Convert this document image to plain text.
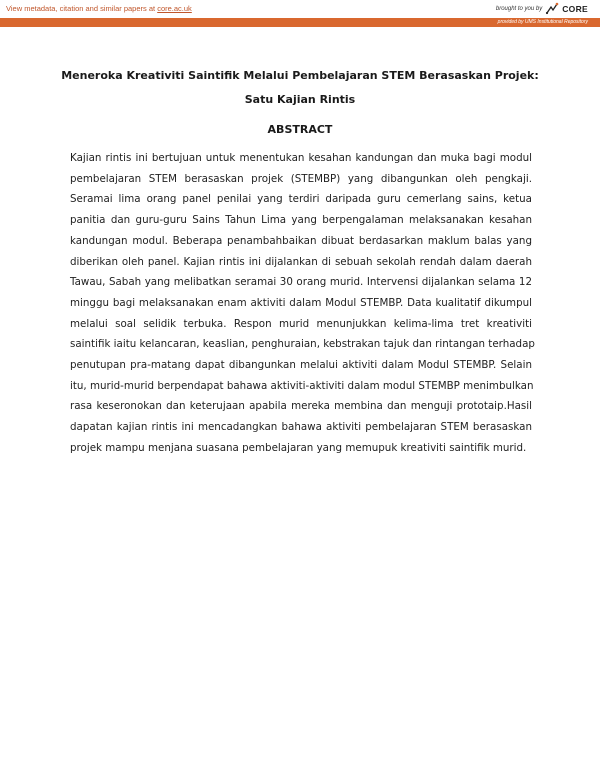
View metadata, citation and similar papers at core.ac.uk	brought to you by CORE
provided by UMS Institutional Repository
Meneroka Kreativiti Saintifik Melalui Pembelajaran STEM Berasaskan Projek:
Satu Kajian Rintis
ABSTRACT
Kajian rintis ini bertujuan untuk menentukan kesahan kandungan dan muka bagi modul
pembelajaran STEM berasaskan projek (STEMBP) yang dibangunkan oleh pengkaji.
Seramai lima orang panel penilai yang terdiri daripada guru cemerlang sains, ketua
panitia dan guru-guru Sains Tahun Lima yang berpengalaman melaksanakan kesahan
kandungan modul. Beberapa penambahbaikan dibuat berdasarkan maklum balas yang
diberikan oleh panel. Kajian rintis ini dijalankan di sebuah sekolah rendah dalam daerah
Tawau, Sabah yang melibatkan seramai 30 orang murid. Intervensi dijalankan selama 12
minggu bagi melaksanakan enam aktiviti dalam Modul STEMBP. Data kualitatif dikumpul
melalui soal selidik terbuka. Respon murid menunjukkan kelima-lima tret kreativiti
saintifik iaitu kelancaran, keaslian, penghuraian, kebstrakan tajuk dan rintangan terhadap
penutupan pra-matang dapat dibangunkan melalui aktiviti dalam Modul STEMBP. Selain
itu, murid-murid berpendapat bahawa aktiviti-aktiviti dalam modul STEMBP menimbulkan
rasa keseronokan dan keterujaan apabila mereka membina dan menguji prototaip.Hasil
dapatan kajian rintis ini mencadangkan bahawa aktiviti pembelajaran STEM berasaskan
projek mampu menjana suasana pembelajaran yang memupuk kreativiti saintifik murid.
